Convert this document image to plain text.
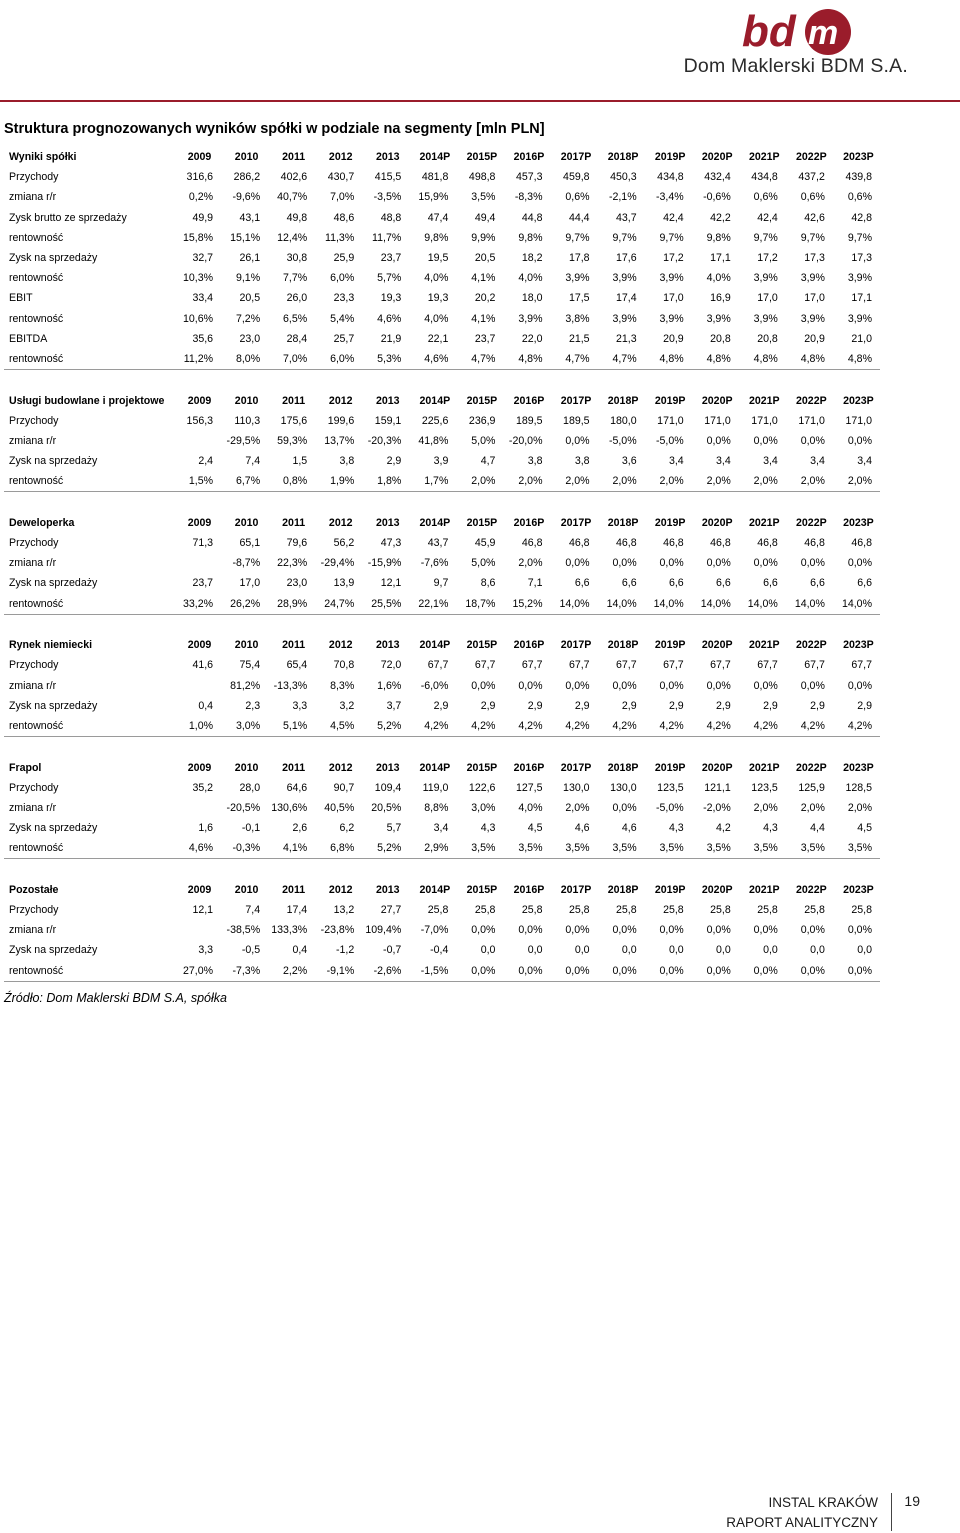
bd m
Dom Maklerski BDM S.A.
Struktura prognozowanych wyników spółki w podziale na segmenty [mln PLN]
Wyniki spółki	2009	2010	2011	2012	2013	2014P	2015P	2016P	2017P	2018P	2019P	2020P	2021P	2022P	2023P
Przychody	316,6	286,2	402,6	430,7	415,5	481,8	498,8	457,3	459,8	450,3	434,8	432,4	434,8	437,2	439,8
zmiana r/r	0,2%	-9,6%	40,7%	7,0%	-3,5%	15,9%	3,5%	-8,3%	0,6%	-2,1%	-3,4%	-0,6%	0,6%	0,6%	0,6%
Zysk brutto ze sprzedaży	49,9	43,1	49,8	48,6	48,8	47,4	49,4	44,8	44,4	43,7	42,4	42,2	42,4	42,6	42,8
rentowność	15,8%	15,1%	12,4%	11,3%	11,7%	9,8%	9,9%	9,8%	9,7%	9,7%	9,7%	9,8%	9,7%	9,7%	9,7%
Zysk na sprzedaży	32,7	26,1	30,8	25,9	23,7	19,5	20,5	18,2	17,8	17,6	17,2	17,1	17,2	17,3	17,3
rentowność	10,3%	9,1%	7,7%	6,0%	5,7%	4,0%	4,1%	4,0%	3,9%	3,9%	3,9%	4,0%	3,9%	3,9%	3,9%
EBIT	33,4	20,5	26,0	23,3	19,3	19,3	20,2	18,0	17,5	17,4	17,0	16,9	17,0	17,0	17,1
rentowność	10,6%	7,2%	6,5%	5,4%	4,6%	4,0%	4,1%	3,9%	3,8%	3,9%	3,9%	3,9%	3,9%	3,9%	3,9%
EBITDA	35,6	23,0	28,4	25,7	21,9	22,1	23,7	22,0	21,5	21,3	20,9	20,8	20,8	20,9	21,0
rentowność	11,2%	8,0%	7,0%	6,0%	5,3%	4,6%	4,7%	4,8%	4,7%	4,7%	4,8%	4,8%	4,8%	4,8%	4,8%

Usługi budowlane i projektowe	2009	2010	2011	2012	2013	2014P	2015P	2016P	2017P	2018P	2019P	2020P	2021P	2022P	2023P
Przychody	156,3	110,3	175,6	199,6	159,1	225,6	236,9	189,5	189,5	180,0	171,0	171,0	171,0	171,0	171,0
zmiana r/r		-29,5%	59,3%	13,7%	-20,3%	41,8%	5,0%	-20,0%	0,0%	-5,0%	-5,0%	0,0%	0,0%	0,0%	0,0%
Zysk na sprzedaży	2,4	7,4	1,5	3,8	2,9	3,9	4,7	3,8	3,8	3,6	3,4	3,4	3,4	3,4	3,4
rentowność	1,5%	6,7%	0,8%	1,9%	1,8%	1,7%	2,0%	2,0%	2,0%	2,0%	2,0%	2,0%	2,0%	2,0%	2,0%

Deweloperka	2009	2010	2011	2012	2013	2014P	2015P	2016P	2017P	2018P	2019P	2020P	2021P	2022P	2023P
Przychody	71,3	65,1	79,6	56,2	47,3	43,7	45,9	46,8	46,8	46,8	46,8	46,8	46,8	46,8	46,8
zmiana r/r		-8,7%	22,3%	-29,4%	-15,9%	-7,6%	5,0%	2,0%	0,0%	0,0%	0,0%	0,0%	0,0%	0,0%	0,0%
Zysk na sprzedaży	23,7	17,0	23,0	13,9	12,1	9,7	8,6	7,1	6,6	6,6	6,6	6,6	6,6	6,6	6,6
rentowność	33,2%	26,2%	28,9%	24,7%	25,5%	22,1%	18,7%	15,2%	14,0%	14,0%	14,0%	14,0%	14,0%	14,0%	14,0%

Rynek niemiecki	2009	2010	2011	2012	2013	2014P	2015P	2016P	2017P	2018P	2019P	2020P	2021P	2022P	2023P
Przychody	41,6	75,4	65,4	70,8	72,0	67,7	67,7	67,7	67,7	67,7	67,7	67,7	67,7	67,7	67,7
zmiana r/r		81,2%	-13,3%	8,3%	1,6%	-6,0%	0,0%	0,0%	0,0%	0,0%	0,0%	0,0%	0,0%	0,0%	0,0%
Zysk na sprzedaży	0,4	2,3	3,3	3,2	3,7	2,9	2,9	2,9	2,9	2,9	2,9	2,9	2,9	2,9	2,9
rentowność	1,0%	3,0%	5,1%	4,5%	5,2%	4,2%	4,2%	4,2%	4,2%	4,2%	4,2%	4,2%	4,2%	4,2%	4,2%

Frapol	2009	2010	2011	2012	2013	2014P	2015P	2016P	2017P	2018P	2019P	2020P	2021P	2022P	2023P
Przychody	35,2	28,0	64,6	90,7	109,4	119,0	122,6	127,5	130,0	130,0	123,5	121,1	123,5	125,9	128,5
zmiana r/r		-20,5%	130,6%	40,5%	20,5%	8,8%	3,0%	4,0%	2,0%	0,0%	-5,0%	-2,0%	2,0%	2,0%	2,0%
Zysk na sprzedaży	1,6	-0,1	2,6	6,2	5,7	3,4	4,3	4,5	4,6	4,6	4,3	4,2	4,3	4,4	4,5
rentowność	4,6%	-0,3%	4,1%	6,8%	5,2%	2,9%	3,5%	3,5%	3,5%	3,5%	3,5%	3,5%	3,5%	3,5%	3,5%

Pozostałe	2009	2010	2011	2012	2013	2014P	2015P	2016P	2017P	2018P	2019P	2020P	2021P	2022P	2023P
Przychody	12,1	7,4	17,4	13,2	27,7	25,8	25,8	25,8	25,8	25,8	25,8	25,8	25,8	25,8	25,8
zmiana r/r		-38,5%	133,3%	-23,8%	109,4%	-7,0%	0,0%	0,0%	0,0%	0,0%	0,0%	0,0%	0,0%	0,0%	0,0%
Zysk na sprzedaży	3,3	-0,5	0,4	-1,2	-0,7	-0,4	0,0	0,0	0,0	0,0	0,0	0,0	0,0	0,0	0,0
rentowność	27,0%	-7,3%	2,2%	-9,1%	-2,6%	-1,5%	0,0%	0,0%	0,0%	0,0%	0,0%	0,0%	0,0%	0,0%	0,0%
Źródło: Dom Maklerski BDM S.A, spółka
INSTAL KRAKÓW
RAPORT ANALITYCZNY
19
